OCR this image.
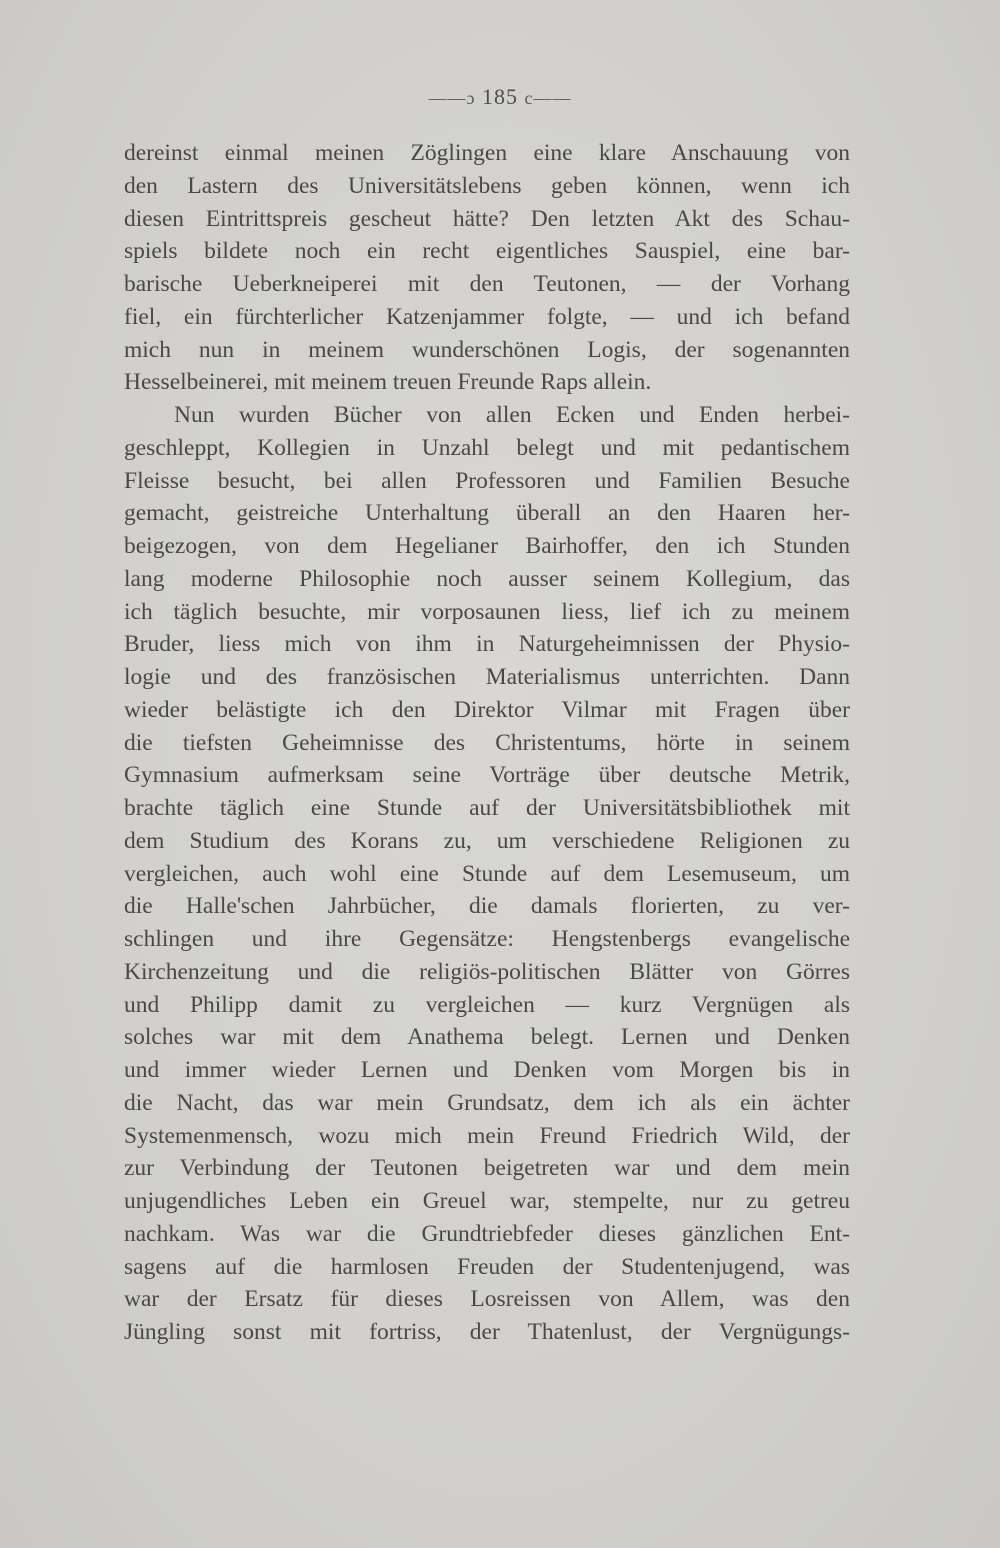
——ɔ 185 c——
dereinst einmal meinen Zöglingen eine klare Anschauung von
den Lastern des Universitätslebens geben können, wenn ich
diesen Eintrittspreis gescheut hätte? Den letzten Akt des Schau-
spiels bildete noch ein recht eigentliches Sauspiel, eine bar-
barische Ueberkneiperei mit den Teutonen, — der Vorhang
fiel, ein fürchterlicher Katzenjammer folgte, — und ich befand
mich nun in meinem wunderschönen Logis, der sogenannten
Hesselbeinerei, mit meinem treuen Freunde Raps allein.
Nun wurden Bücher von allen Ecken und Enden herbei-
geschleppt, Kollegien in Unzahl belegt und mit pedantischem
Fleisse besucht, bei allen Professoren und Familien Besuche
gemacht, geistreiche Unterhaltung überall an den Haaren her-
beigezogen, von dem Hegelianer Bairhoffer, den ich Stunden
lang moderne Philosophie noch ausser seinem Kollegium, das
ich täglich besuchte, mir vorposaunen liess, lief ich zu meinem
Bruder, liess mich von ihm in Naturgeheimnissen der Physio-
logie und des französischen Materialismus unterrichten. Dann
wieder belästigte ich den Direktor Vilmar mit Fragen über
die tiefsten Geheimnisse des Christentums, hörte in seinem
Gymnasium aufmerksam seine Vorträge über deutsche Metrik,
brachte täglich eine Stunde auf der Universitätsbibliothek mit
dem Studium des Korans zu, um verschiedene Religionen zu
vergleichen, auch wohl eine Stunde auf dem Lesemuseum, um
die Halle'schen Jahrbücher, die damals florierten, zu ver-
schlingen und ihre Gegensätze: Hengstenbergs evangelische
Kirchenzeitung und die religiös-politischen Blätter von Görres
und Philipp damit zu vergleichen — kurz Vergnügen als
solches war mit dem Anathema belegt. Lernen und Denken
und immer wieder Lernen und Denken vom Morgen bis in
die Nacht, das war mein Grundsatz, dem ich als ein ächter
Systemenmensch, wozu mich mein Freund Friedrich Wild, der
zur Verbindung der Teutonen beigetreten war und dem mein
unjugendliches Leben ein Greuel war, stempelte, nur zu getreu
nachkam. Was war die Grundtriebfeder dieses gänzlichen Ent-
sagens auf die harmlosen Freuden der Studentenjugend, was
war der Ersatz für dieses Losreissen von Allem, was den
Jüngling sonst mit fortriss, der Thatenlust, der Vergnügungs-
